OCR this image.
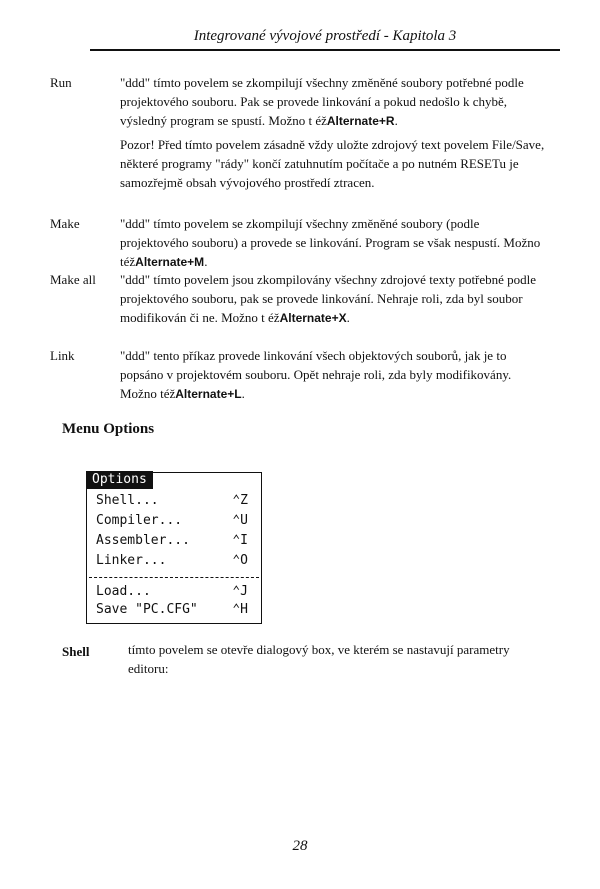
Integrované vývojové prostředí - Kapitola 3
Run	"ddd" tímto povelem se zkompilují všechny změněné soubory potřebné podle projektového souboru. Pak se provede linkování a pokud nedošlo k chybě, výsledný program se spustí. Možno t éžAlternate+R.

Pozor! Před tímto povelem zásadně vždy uložte zdrojový text povelem File/Save, některé programy "rády" končí zatuhnutím počítače a po nutném RESETu je samozřejmě obsah vývojového prostředí ztracen.

Make	"ddd" tímto povelem se zkompilují všechny změněné soubory (podle projektového souboru) a provede se linkování. Program se však nespustí. Možno téžAlternate+M.

Make all "ddd" tímto povelem jsou zkompilovány všechny zdrojové texty potřebné podle projektového souboru, pak se provede linkování. Nehraje roli, zda byl soubor modifikován či ne. Možno t éžAlternate+X.

Link	"ddd" tento příkaz provede linkování všech objektových souborů, jak je to popsáno v projektovém souboru. Opět nehraje roli, zda byly modifikovány. Možno téžAlternate+L.

Menu Options
Options
Shell...	⌃Z
Compiler...	⌃U
Assembler...	⌃I
Linker...	⌃O
Load...	⌃J
Save "PC.CFG"	⌃H
Shell	tímto povelem se otevře dialogový box, ve kterém se nastavují parametry editoru:
28
